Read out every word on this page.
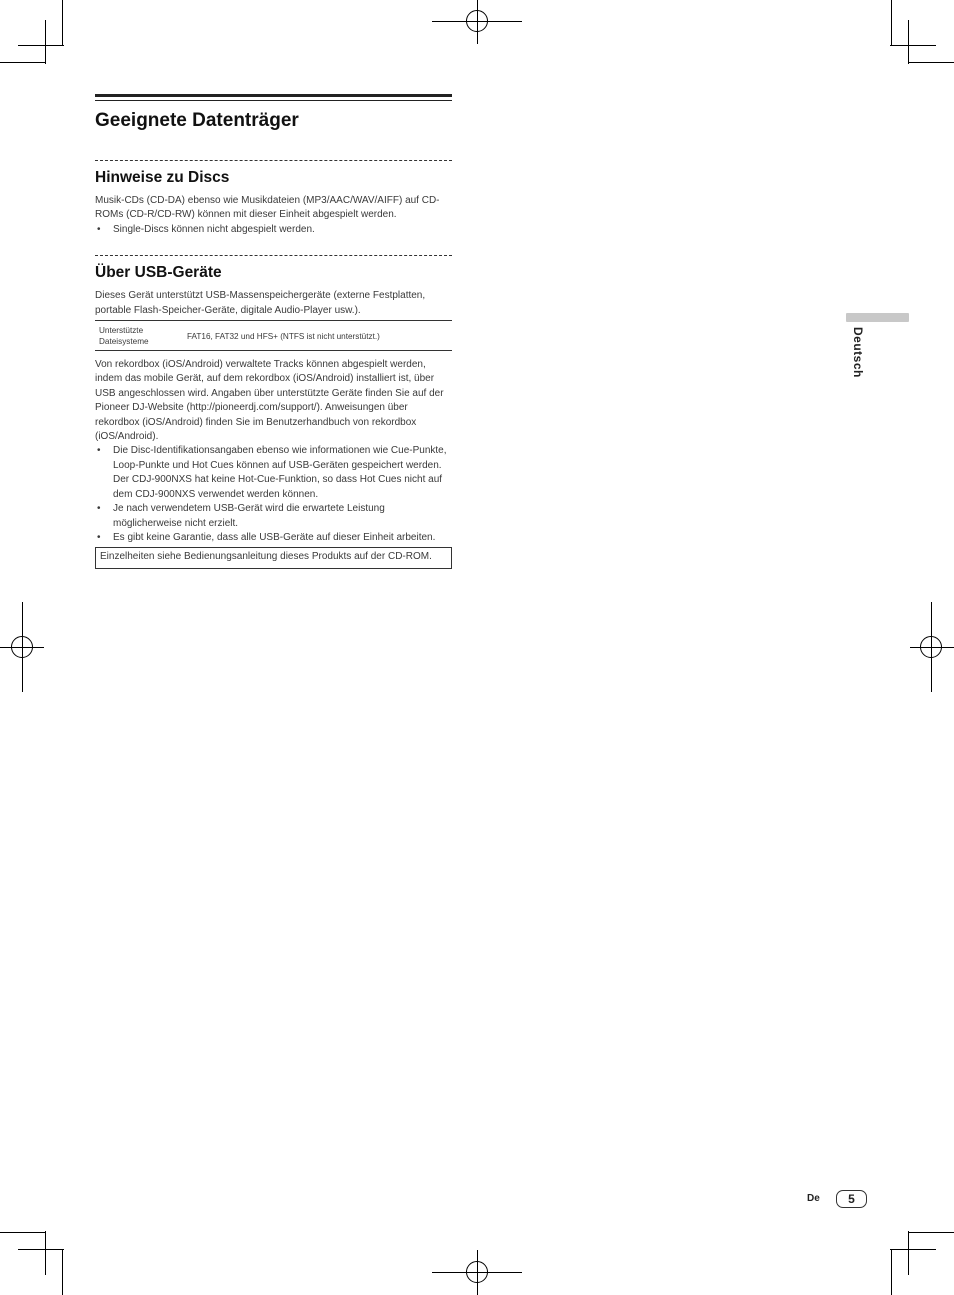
Geeignete Datenträger
Hinweise zu Discs

Musik-CDs (CD-DA) ebenso wie Musikdateien (MP3/AAC/WAV/AIFF) auf CD-ROMs (CD-R/CD-RW) können mit dieser Einheit abgespielt werden.

• Single-Discs können nicht abgespielt werden.
Über USB-Geräte

Dieses Gerät unterstützt USB-Massenspeichergeräte (externe Festplatten, portable Flash-Speicher-Geräte, digitale Audio-Player usw.).

Unterstützte
Dateisysteme	FAT16, FAT32 und HFS+ (NTFS ist nicht unterstützt.)

Von rekordbox (iOS/Android) verwaltete Tracks können abgespielt werden, indem das mobile Gerät, auf dem rekordbox (iOS/Android) installiert ist, über USB angeschlossen wird. Angaben über unterstützte Geräte finden Sie auf der Pioneer DJ-Website (http://pioneerdj.com/support/). Anweisungen über rekordbox (iOS/Android) finden Sie im Benutzerhandbuch von rekordbox (iOS/Android).

• Die Disc-Identifikationsangaben ebenso wie informationen wie Cue-Punkte, Loop-Punkte und Hot Cues können auf USB-Geräten gespeichert werden.
Der CDJ-900NXS hat keine Hot-Cue-Funktion, so dass Hot Cues nicht auf dem CDJ-900NXS verwendet werden können.
• Je nach verwendetem USB-Gerät wird die erwartete Leistung möglicherweise nicht erzielt.
• Es gibt keine Garantie, dass alle USB-Geräte auf dieser Einheit arbeiten.
Einzelheiten siehe Bedienungsanleitung dieses Produkts auf der CD-ROM.
Deutsch
De	5
